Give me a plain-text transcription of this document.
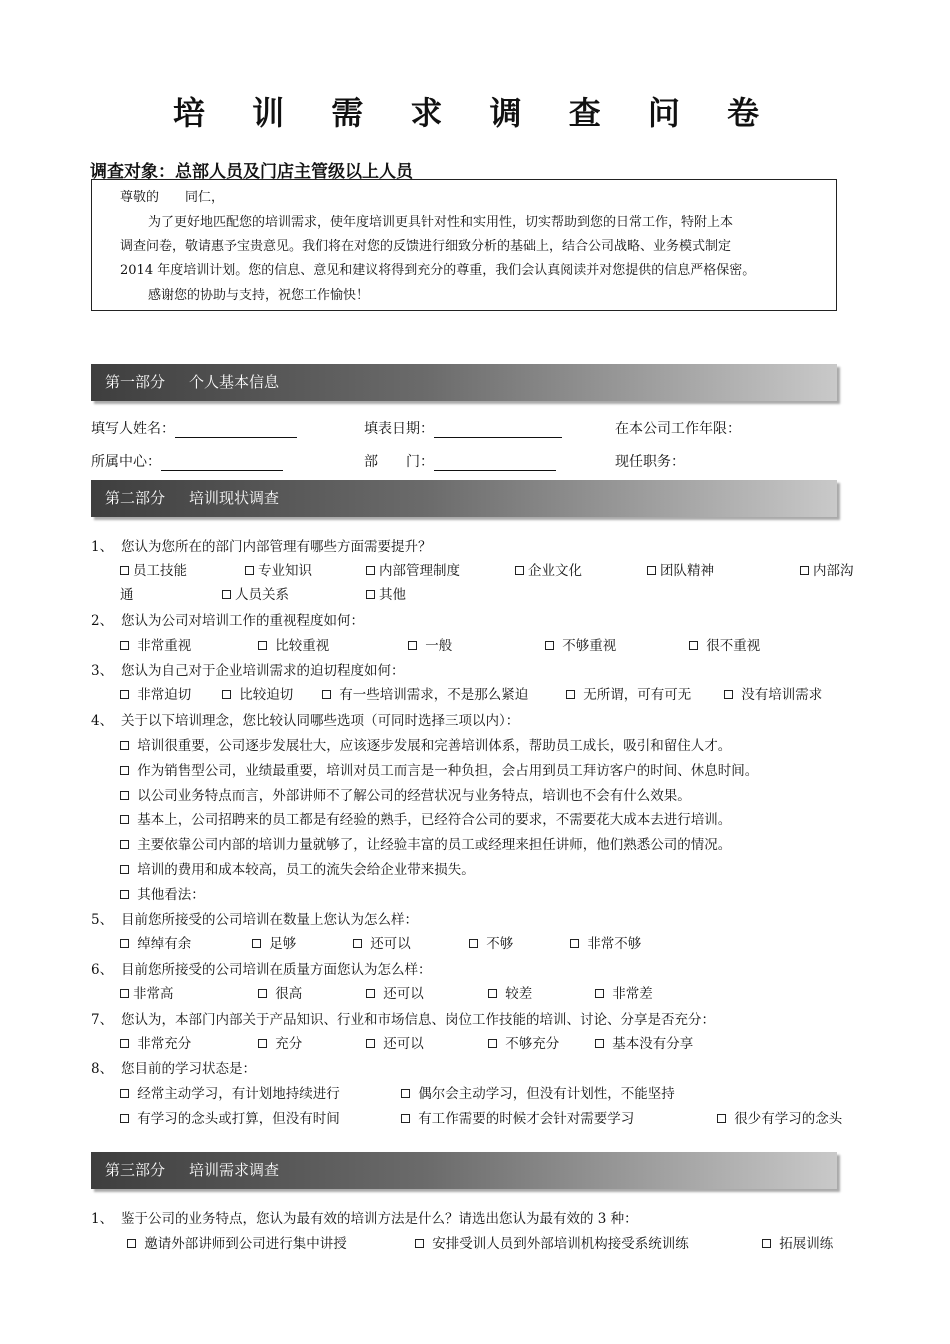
培 训 需 求 调 查 问 卷
调查对象：总部人员及门店主管级以上人员
尊敬的　　同仁，
为了更好地匹配您的培训需求，使年度培训更具针对性和实用性，切实帮助到您的日常工作，特附上本
调查问卷，敬请惠予宝贵意见。我们将在对您的反馈进行细致分析的基础上，结合公司战略、业务模式制定
2014 年度培训计划。您的信息、意见和建议将得到充分的尊重，我们会认真阅读并对您提供的信息严格保密。
感谢您的协助与支持，祝您工作愉快！
第一部分 个人基本信息
填写人姓名：	填表日期：	在本公司工作年限：
所属中心：	部　　门：	现任职务：
第二部分 培训现状调查
1、 您认为您所在的部门内部管理有哪些方面需要提升？
员工技能	专业知识	内部管理制度	企业文化	团队精神	内部沟
通	人员关系	其他
2、 您认为公司对培训工作的重视程度如何：
非常重视	比较重视	一般	不够重视	很不重视
3、 您认为自己对于企业培训需求的迫切程度如何：
非常迫切	比较迫切	有一些培训需求，不是那么紧迫	无所谓，可有可无	没有培训需求
4、 关于以下培训理念，您比较认同哪些选项（可同时选择三项以内）：
培训很重要，公司逐步发展壮大，应该逐步发展和完善培训体系，帮助员工成长，吸引和留住人才。
作为销售型公司，业绩最重要，培训对员工而言是一种负担，会占用到员工拜访客户的时间、休息时间。
以公司业务特点而言，外部讲师不了解公司的经营状况与业务特点，培训也不会有什么效果。
基本上，公司招聘来的员工都是有经验的熟手，已经符合公司的要求，不需要花大成本去进行培训。
主要依靠公司内部的培训力量就够了，让经验丰富的员工或经理来担任讲师，他们熟悉公司的情况。
培训的费用和成本较高，员工的流失会给企业带来损失。
其他看法：
5、 目前您所接受的公司培训在数量上您认为怎么样：
绰绰有余	足够	还可以	不够	非常不够
6、 目前您所接受的公司培训在质量方面您认为怎么样：
非常高	很高	还可以	较差	非常差
7、 您认为，本部门内部关于产品知识、行业和市场信息、岗位工作技能的培训、讨论、分享是否充分：
非常充分	充分	还可以	不够充分	基本没有分享
8、 您目前的学习状态是：
经常主动学习，有计划地持续进行	偶尔会主动学习，但没有计划性，不能坚持
有学习的念头或打算，但没有时间	有工作需要的时候才会针对需要学习	很少有学习的念头
第三部分 培训需求调查
1、 鉴于公司的业务特点，您认为最有效的培训方法是什么？请选出您认为最有效的 3 种：
邀请外部讲师到公司进行集中讲授	安排受训人员到外部培训机构接受系统训练	拓展训练
